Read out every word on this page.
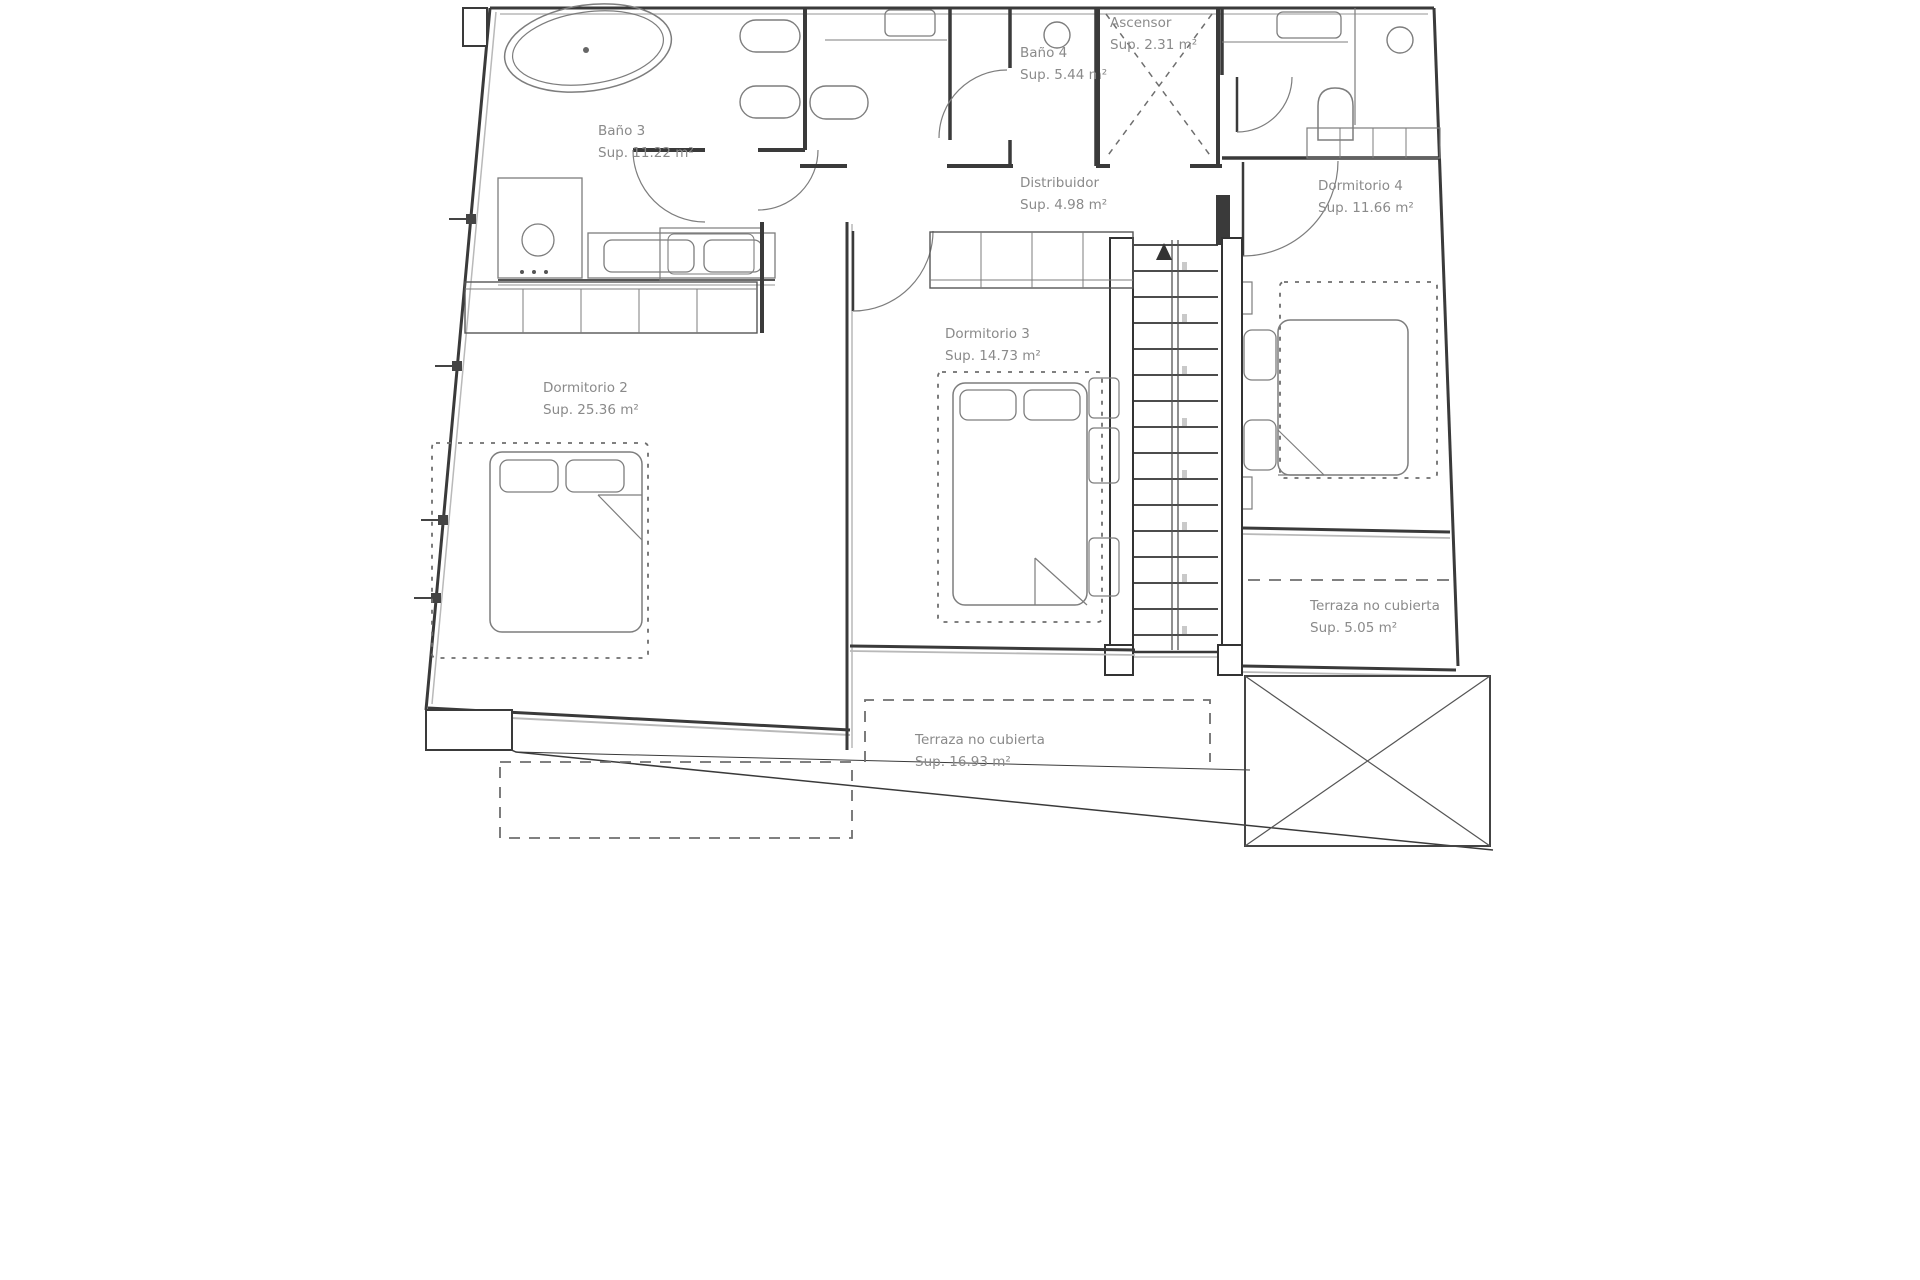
Baño 3
Sup. 11.22 m²
Baño 4
Sup. 5.44 m²
Ascensor
Sup. 2.31 m²
Distribuidor
Sup. 4.98 m²
Dormitorio 4
Sup. 11.66 m²
Dormitorio 3
Sup. 14.73 m²
Dormitorio 2
Sup. 25.36 m²
Terraza no cubierta
Sup. 5.05 m²
Terraza no cubierta
Sup. 16.93 m²
